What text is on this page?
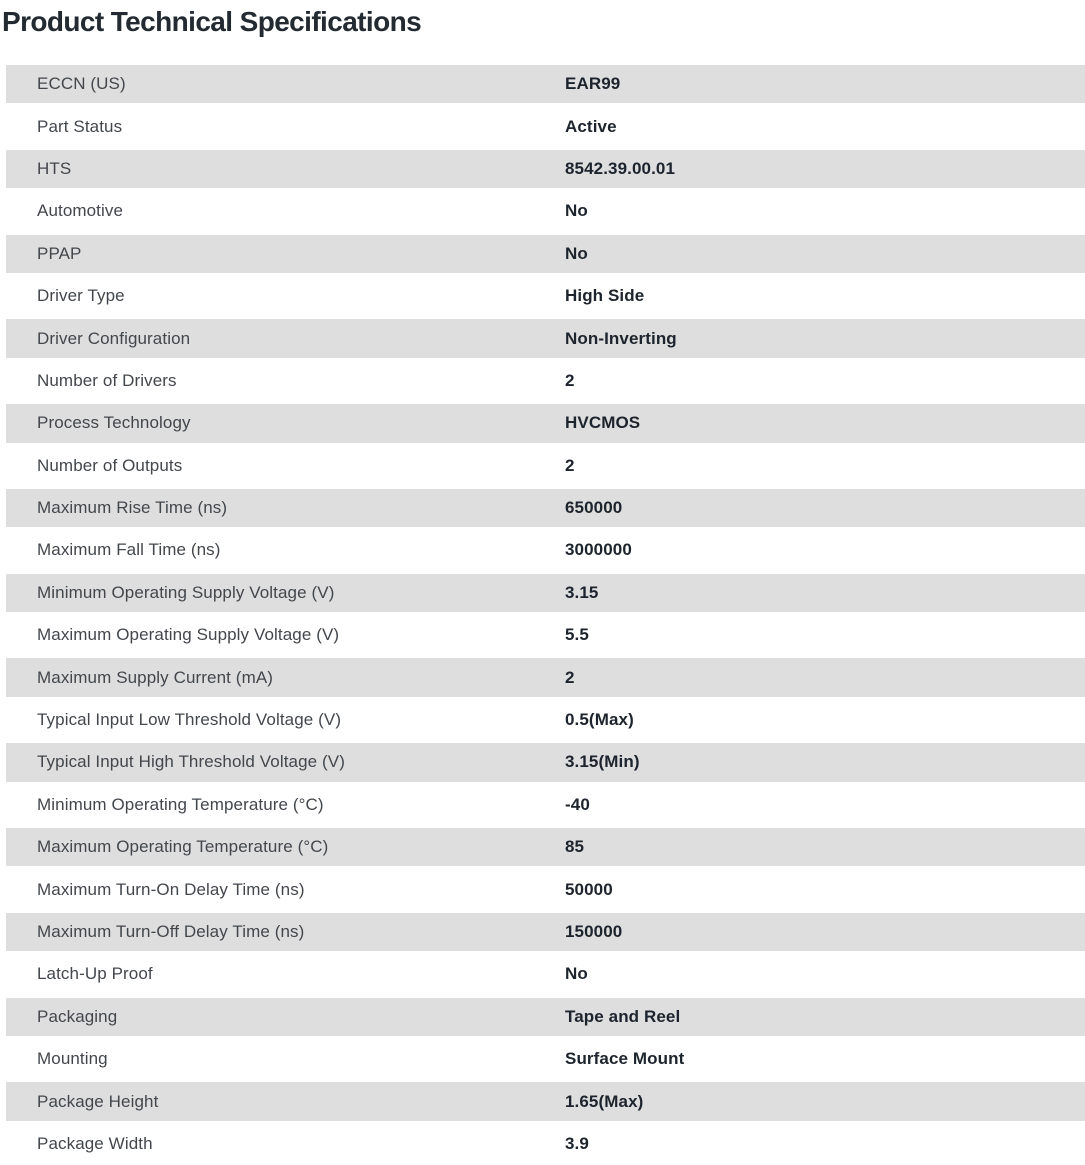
Product Technical Specifications
ECCN (US)	EAR99
Part Status	Active
HTS	8542.39.00.01
Automotive	No
PPAP	No
Driver Type	High Side
Driver Configuration	Non-Inverting
Number of Drivers	2
Process Technology	HVCMOS
Number of Outputs	2
Maximum Rise Time (ns)	650000
Maximum Fall Time (ns)	3000000
Minimum Operating Supply Voltage (V)	3.15
Maximum Operating Supply Voltage (V)	5.5
Maximum Supply Current (mA)	2
Typical Input Low Threshold Voltage (V)	0.5(Max)
Typical Input High Threshold Voltage (V)	3.15(Min)
Minimum Operating Temperature (°C)	-40
Maximum Operating Temperature (°C)	85
Maximum Turn-On Delay Time (ns)	50000
Maximum Turn-Off Delay Time (ns)	150000
Latch-Up Proof	No
Packaging	Tape and Reel
Mounting	Surface Mount
Package Height	1.65(Max)
Package Width	3.9
